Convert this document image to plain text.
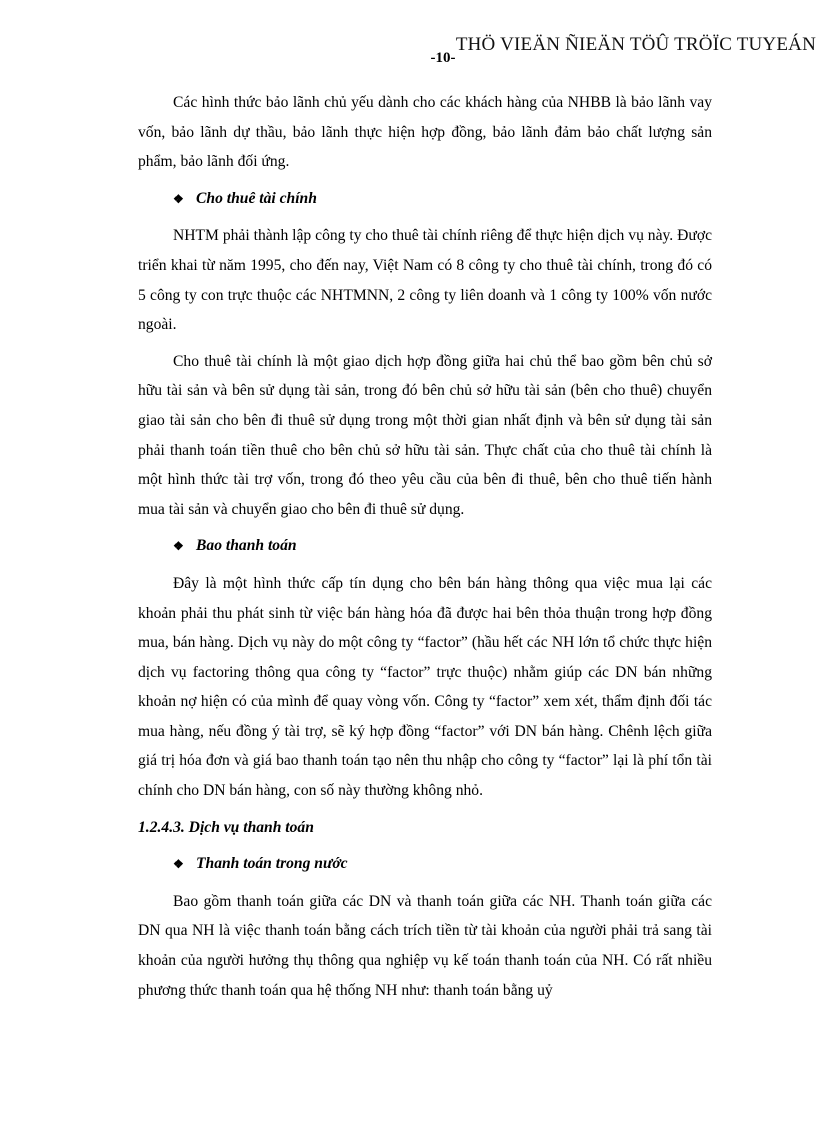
THÖ VIEÄN ÑIEÄN TÖÛ TRÖÏC TUYEÁN
-10-

Các hình thức bảo lãnh chủ yếu dành cho các khách hàng của NHBB là bảo lãnh vay vốn, bảo lãnh dự thầu, bảo lãnh thực hiện hợp đồng, bảo lãnh đảm bảo chất lượng sản phẩm, bảo lãnh đối ứng.

❖ Cho thuê tài chính

NHTM phải thành lập công ty cho thuê tài chính riêng để thực hiện dịch vụ này. Được triển khai từ năm 1995, cho đến nay, Việt Nam có 8 công ty cho thuê tài chính, trong đó có 5 công ty con trực thuộc các NHTMNN, 2 công ty liên doanh và 1 công ty 100% vốn nước ngoài.

Cho thuê tài chính là một giao dịch hợp đồng giữa hai chủ thể bao gồm bên chủ sở hữu tài sản và bên sử dụng tài sản, trong đó bên chủ sở hữu tài sản (bên cho thuê) chuyển giao tài sản cho bên đi thuê sử dụng trong một thời gian nhất định và bên sử dụng tài sản phải thanh toán tiền thuê cho bên chủ sở hữu tài sản. Thực chất của cho thuê tài chính là một hình thức tài trợ vốn, trong đó theo yêu cầu của bên đi thuê, bên cho thuê tiến hành mua tài sản và chuyển giao cho bên đi thuê sử dụng.

❖ Bao thanh toán

Đây là một hình thức cấp tín dụng cho bên bán hàng thông qua việc mua lại các khoản phải thu phát sinh từ việc bán hàng hóa đã được hai bên thỏa thuận trong hợp đồng mua, bán hàng. Dịch vụ này do một công ty “factor” (hầu hết các NH lớn tổ chức thực hiện dịch vụ factoring thông qua công ty “factor” trực thuộc) nhằm giúp các DN bán những khoản nợ hiện có của mình để quay vòng vốn. Công ty “factor” xem xét, thẩm định đối tác mua hàng, nếu đồng ý tài trợ, sẽ ký hợp đồng “factor” với DN bán hàng. Chênh lệch giữa giá trị hóa đơn và giá bao thanh toán tạo nên thu nhập cho công ty “factor” lại là phí tổn tài chính cho DN bán hàng, con số này thường không nhỏ.

1.2.4.3. Dịch vụ thanh toán
❖ Thanh toán trong nước

Bao gồm thanh toán giữa các DN và thanh toán giữa các NH. Thanh toán giữa các DN qua NH là việc thanh toán bằng cách trích tiền từ tài khoản của người phải trả sang tài khoản của người hưởng thụ thông qua nghiệp vụ kế toán thanh toán của NH. Có rất nhiều phương thức thanh toán qua hệ thống NH như: thanh toán bằng uỷ
